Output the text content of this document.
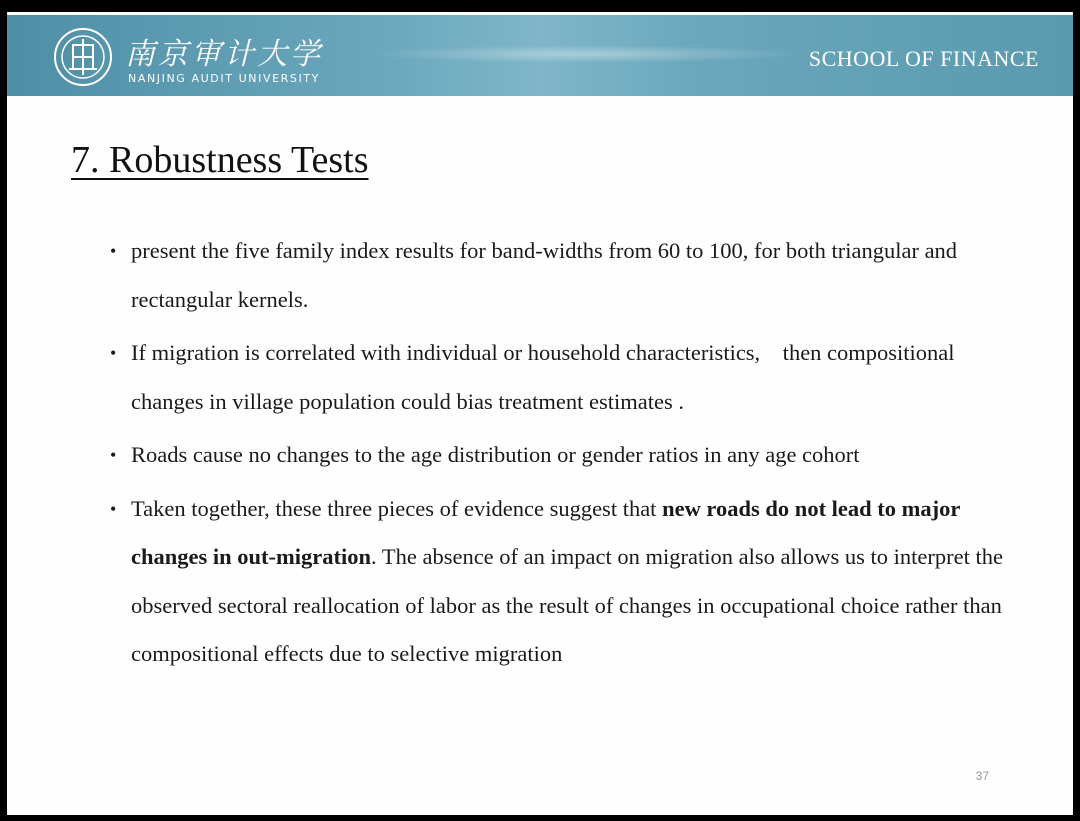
南京审计大学
NANJING AUDIT UNIVERSITY
SCHOOL OF FINANCE
7. Robustness Tests
• present the five family index results for band-widths from 60 to 100, for both triangular and rectangular kernels.
• If migration is correlated with individual or household characteristics,　then compositional changes in village population could bias treatment estimates .
• Roads cause no changes to the age distribution or gender ratios in any age cohort
• Taken together, these three pieces of evidence suggest that new roads do not lead to major changes in out-migration. The absence of an impact on migration also allows us to interpret the observed sectoral reallocation of labor as the result of changes in occupational choice rather than compositional effects due to selective migration
37
